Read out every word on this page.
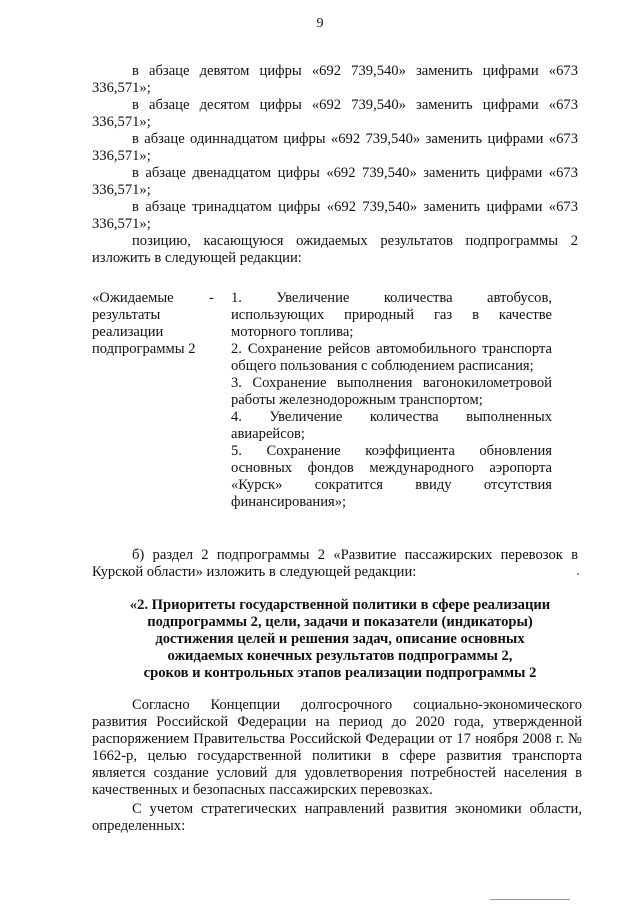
9

в абзаце девятом цифры «692 739,540» заменить цифрами «673 336,571»;

в абзаце десятом цифры «692 739,540» заменить цифрами «673 336,571»;

в абзаце одиннадцатом цифры «692 739,540» заменить цифрами «673 336,571»;

в абзаце двенадцатом цифры «692 739,540» заменить цифрами «673 336,571»;

в абзаце тринадцатом цифры «692 739,540» заменить цифрами «673 336,571»;

позицию, касающуюся ожидаемых результатов подпрограммы 2 изложить в следующей редакции:

«Ожидаемые результаты реализации подпрограммы 2
-	1. Увеличение количества автобусов, использующих природный газ в качестве моторного топлива;
2. Сохранение рейсов автомобильного транспорта общего пользования с соблюдением расписания;
3. Сохранение выполнения вагонокилометровой работы железнодорожным транспортом;
4. Увеличение количества выполненных авиарейсов;
5. Сохранение коэффициента обновления основных фондов международного аэропорта «Курск» сократится ввиду отсутствия финансирования»;

б) раздел 2 подпрограммы 2 «Развитие пассажирских перевозок в Курской области» изложить в следующей редакции:

«2. Приоритеты государственной политики в сфере реализации
подпрограммы 2, цели, задачи и показатели (индикаторы)
достижения целей и решения задач, описание основных
ожидаемых конечных результатов подпрограммы 2,
сроков и контрольных этапов реализации подпрограммы 2

Согласно Концепции долгосрочного социально-экономического развития Российской Федерации на период до 2020 года, утвержденной распоряжением Правительства Российской Федерации от 17 ноября 2008 г. № 1662-р, целью государственной политики в сфере развития транспорта является создание условий для удовлетворения потребностей населения в качественных и безопасных пассажирских перевозках.

С учетом стратегических направлений развития экономики области, определенных:
